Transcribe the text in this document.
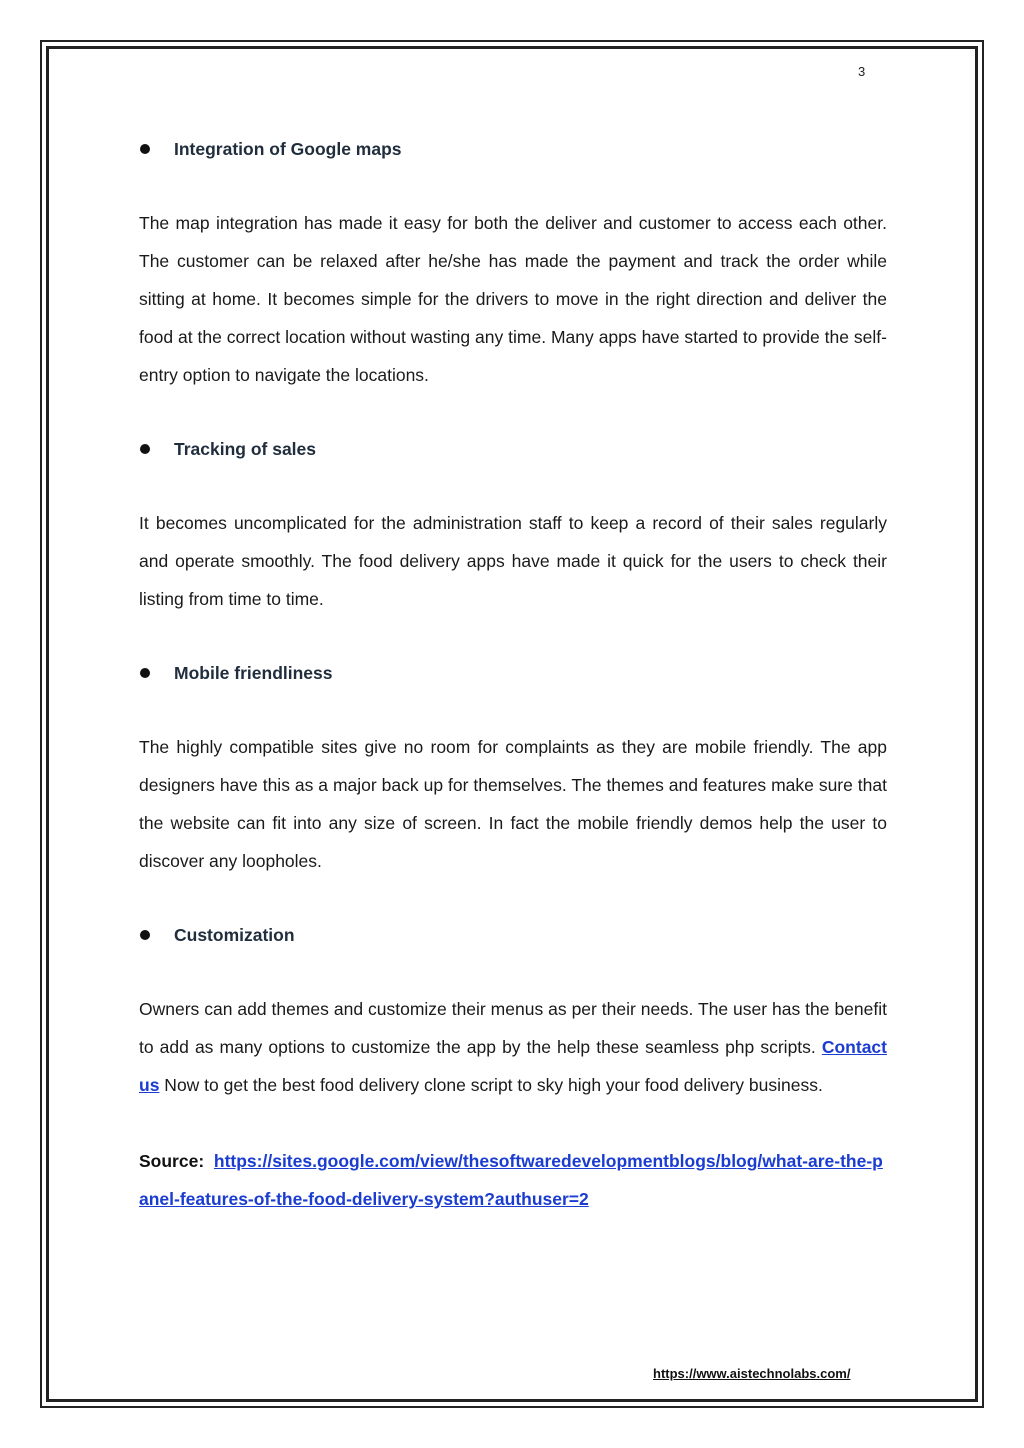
3
Integration of Google maps

The map integration has made it easy for both the deliver and customer to access each other. The customer can be relaxed after he/she has made the payment and track the order while sitting at home. It becomes simple for the drivers to move in the right direction and deliver the food at the correct location without wasting any time. Many apps have started to provide the self-entry option to navigate the locations.

Tracking of sales

It becomes uncomplicated for the administration staff to keep a record of their sales regularly and operate smoothly. The food delivery apps have made it quick for the users to check their listing from time to time.

Mobile friendliness

The highly compatible sites give no room for complaints as they are mobile friendly. The app designers have this as a major back up for themselves. The themes and features make sure that the website can fit into any size of screen. In fact the mobile friendly demos help the user to discover any loopholes.

Customization

Owners can add themes and customize their menus as per their needs. The user has the benefit to add as many options to customize the app by the help these seamless php scripts. Contact us Now to get the best food delivery clone script to sky high your food delivery business.

Source: https://sites.google.com/view/thesoftwaredevelopmentblogs/blog/what-are-the-panel-features-of-the-food-delivery-system?authuser=2

https://www.aistechnolabs.com/
